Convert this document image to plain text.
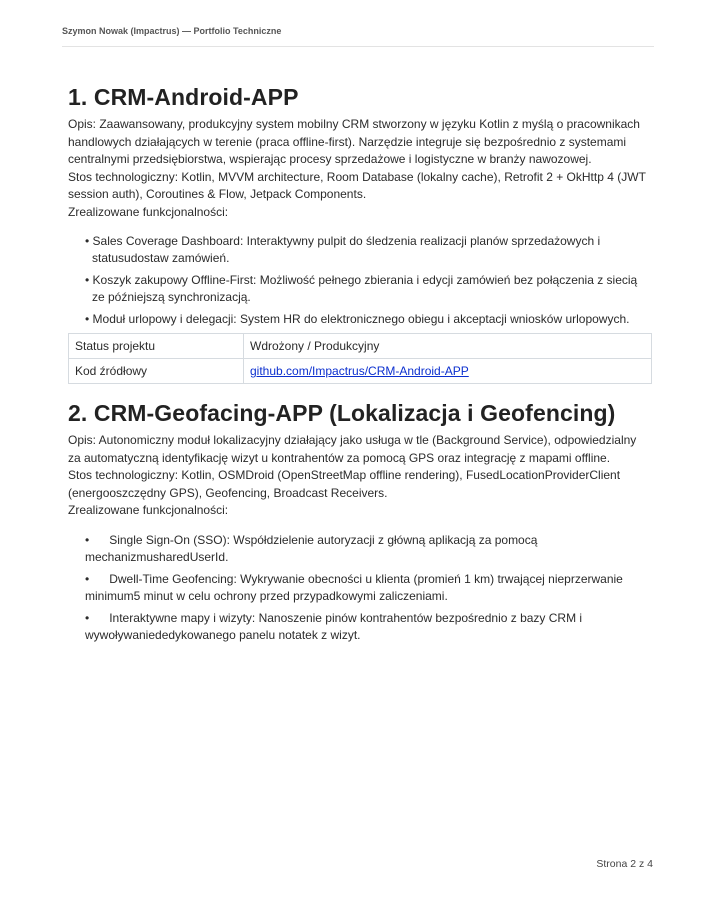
Szymon Nowak (Impactrus) — Portfolio Techniczne
1. CRM-Android-APP

Opis: Zaawansowany, produkcyjny system mobilny CRM stworzony w języku Kotlin z myślą o pracownikach handlowych działających w terenie (praca offline-first). Narzędzie integruje się bezpośrednio z systemami centralnymi przedsiębiorstwa, wspierając procesy sprzedażowe i logistyczne w branży nawozowej.

Stos technologiczny: Kotlin, MVVM architecture, Room Database (lokalny cache), Retrofit 2 + OkHttp 4 (JWT session auth), Coroutines & Flow, Jetpack Components.

Zrealizowane funkcjonalności:

• Sales Coverage Dashboard: Interaktywny pulpit do śledzenia realizacji planów sprzedażowych i statusudostaw zamówień.
• Koszyk zakupowy Offline-First: Możliwość pełnego zbierania i edycji zamówień bez połączenia z siecią ze późniejszą synchronizacją.
• Moduł urlopowy i delegacji: System HR do elektronicznego obiegu i akceptacji wniosków urlopowych.
Status projektu	Wdrożony / Produkcyjny
Kod źródłowy	github.com/Impactrus/CRM-Android-APP
2. CRM-Geofacing-APP (Lokalizacja i Geofencing)

Opis: Autonomiczny moduł lokalizacyjny działający jako usługa w tle (Background Service), odpowiedzialny za automatyczną identyfikację wizyt u kontrahentów za pomocą GPS oraz integrację z mapami offline.

Stos technologiczny: Kotlin, OSMDroid (OpenStreetMap offline rendering), FusedLocationProviderClient (energooszczędny GPS), Geofencing, Broadcast Receivers.

Zrealizowane funkcjonalności:

•      Single Sign-On (SSO): Współdzielenie autoryzacji z główną aplikacją za pomocą mechanizmusharedUserId.
•      Dwell-Time Geofencing: Wykrywanie obecności u klienta (promień 1 km) trwającej nieprzerwanie minimum5 minut w celu ochrony przed przypadkowymi zaliczeniami.
•      Interaktywne mapy i wizyty: Nanoszenie pinów kontrahentów bezpośrednio z bazy CRM i wywoływaniededykowanego panelu notatek z wizyt.
Strona 2 z 4
